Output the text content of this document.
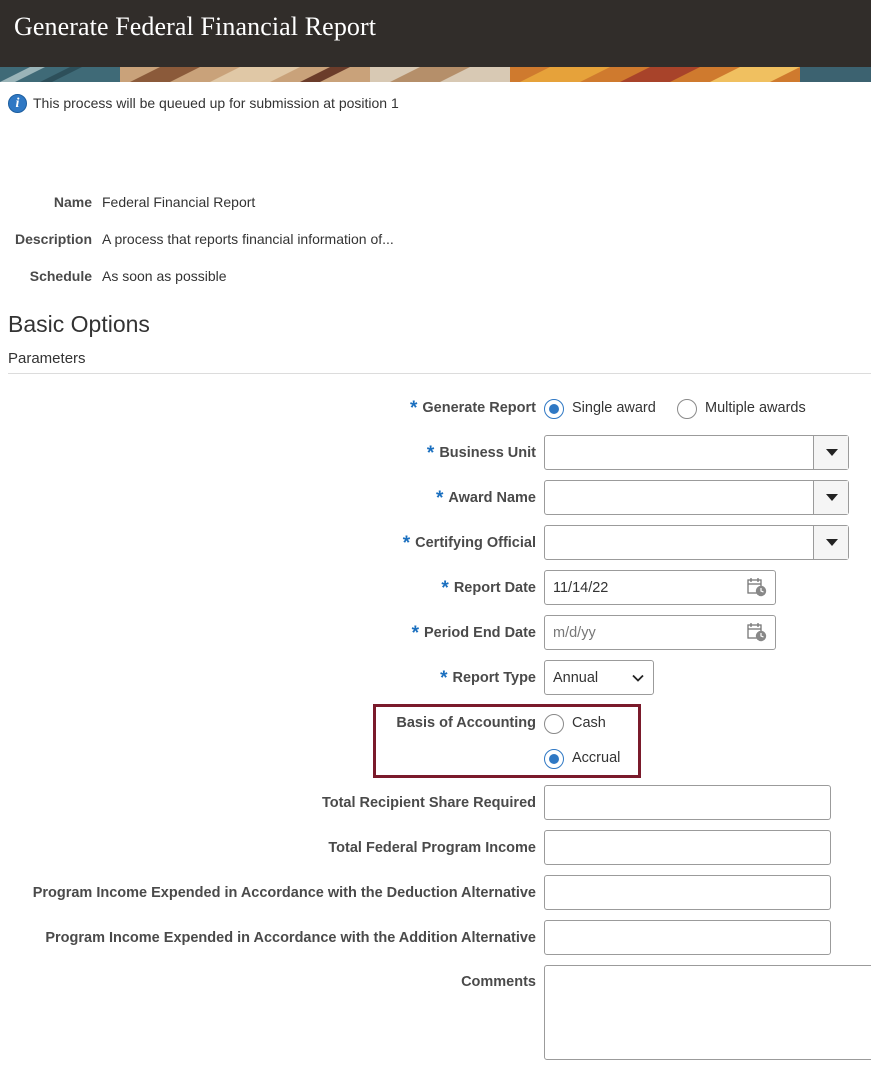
Generate Federal Financial Report
i This process will be queued up for submission at position 1
Name Federal Financial Report
Description A process that reports financial information of...
Schedule As soon as possible
Basic Options
Parameters
* Generate Report Single award	Multiple awards
* Business Unit
* Award Name
* Certifying Official
* Report Date 11/14/22
* Period End Date m/d/yy
* Report Type Annual
Basis of Accounting Cash
Accrual
Total Recipient Share Required
Total Federal Program Income
Program Income Expended in Accordance with the Deduction Alternative
Program Income Expended in Accordance with the Addition Alternative
Comments
